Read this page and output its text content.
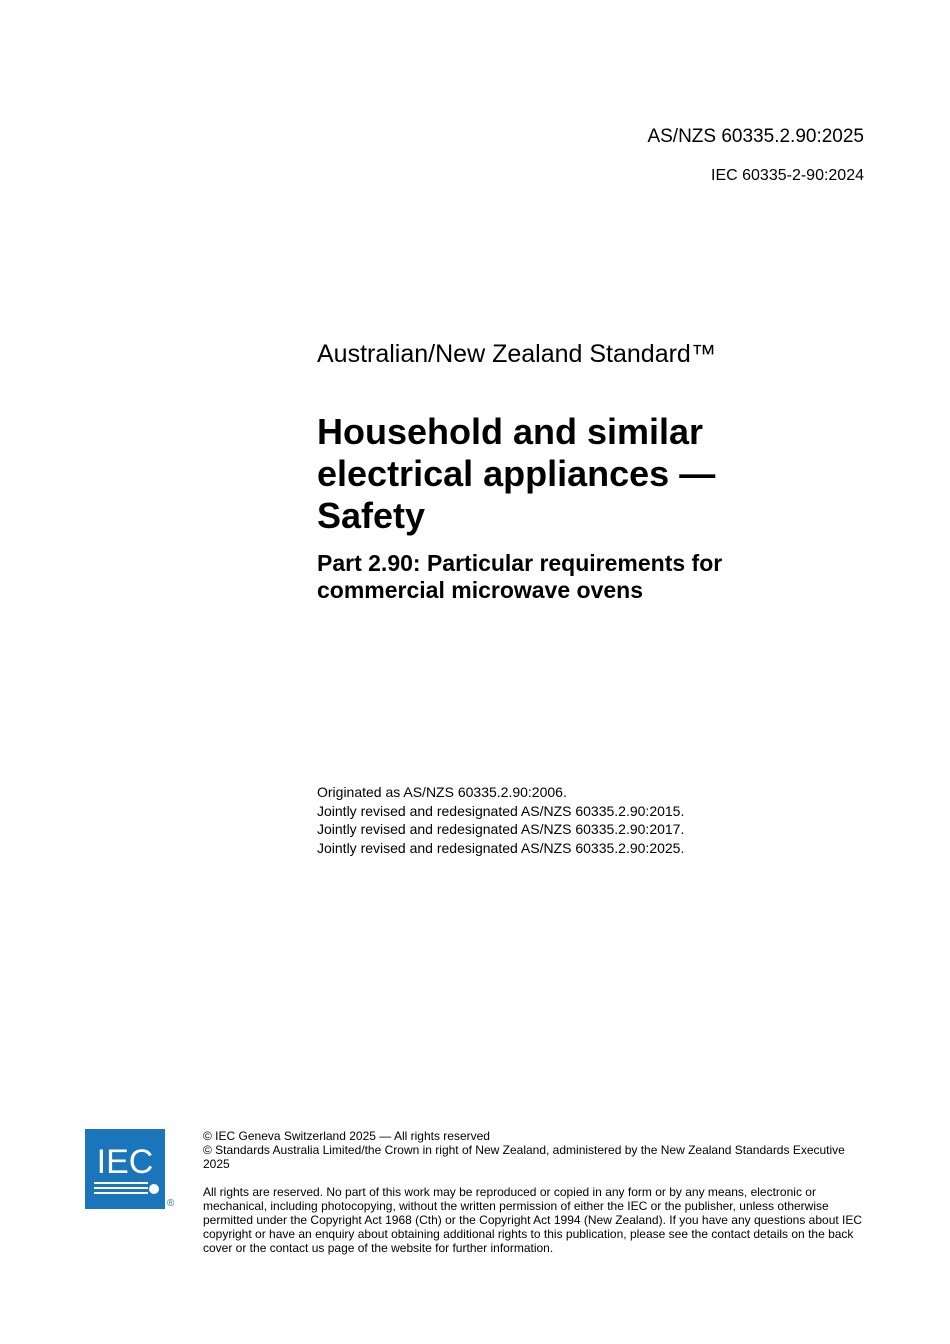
AS/NZS 60335.2.90:2025
IEC 60335-2-90:2024

Australian/New Zealand Standard™

Household and similar electrical appliances — Safety
Part 2.90: Particular requirements for commercial microwave ovens
Originated as AS/NZS 60335.2.90:2006.
Jointly revised and redesignated AS/NZS 60335.2.90:2015.
Jointly revised and redesignated AS/NZS 60335.2.90:2017.
Jointly revised and redesignated AS/NZS 60335.2.90:2025.
IEC
®

© IEC Geneva Switzerland 2025 — All rights reserved

© Standards Australia Limited/the Crown in right of New Zealand, administered by the New Zealand Standards Executive 2025

All rights are reserved. No part of this work may be reproduced or copied in any form or by any means, electronic or mechanical, including photocopying, without the written permission of either the IEC or the publisher, unless otherwise permitted under the Copyright Act 1968 (Cth) or the Copyright Act 1994 (New Zealand). If you have any questions about IEC copyright or have an enquiry about obtaining additional rights to this publication, please see the contact details on the back cover or the contact us page of the website for further information.
